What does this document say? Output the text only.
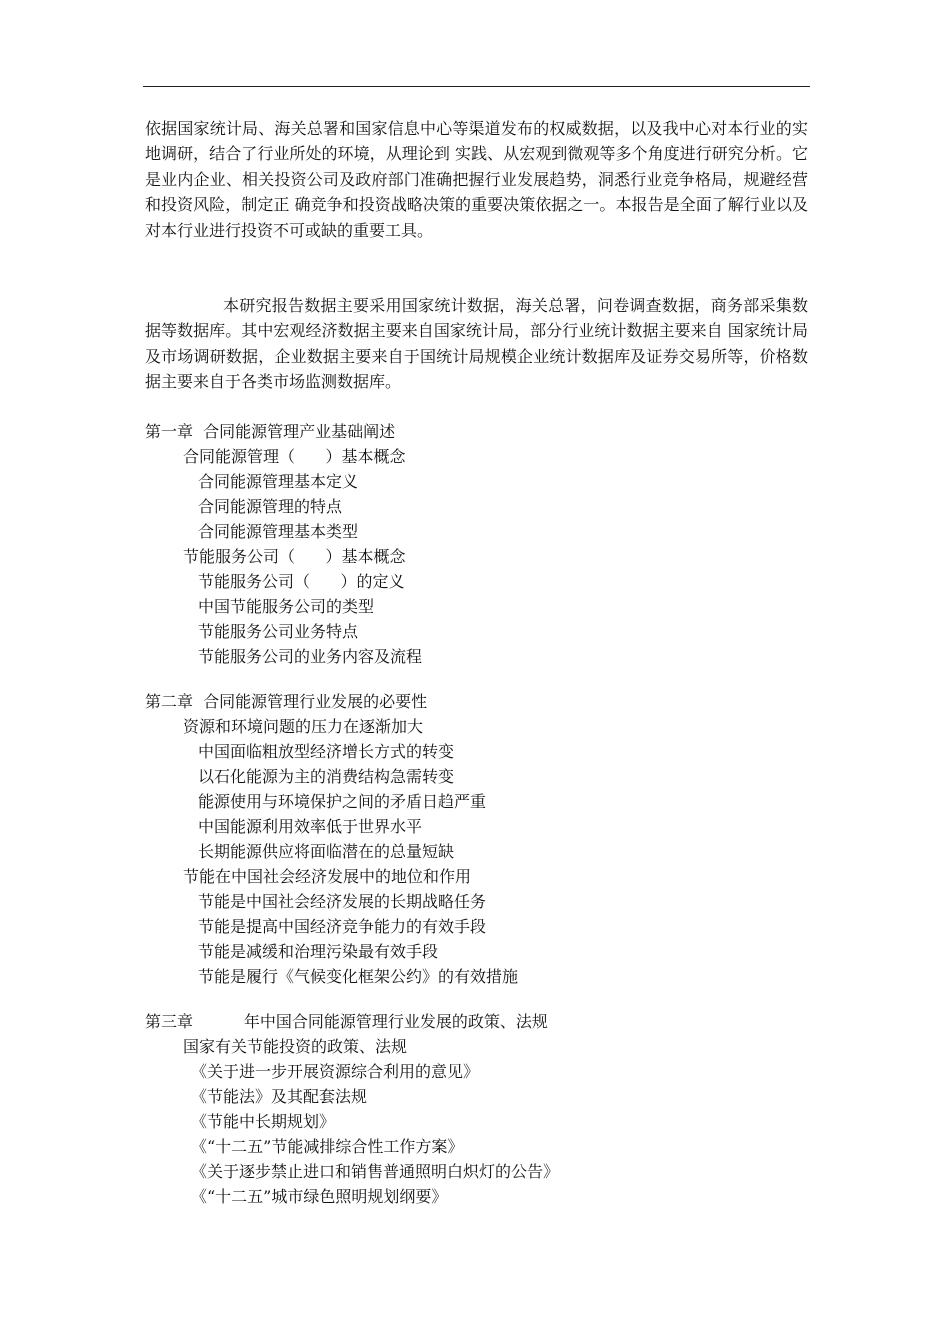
依据国家统计局、海关总署和国家信息中心等渠道发布的权威数据，以及我中心对本行业的实地调研，结合了行业所处的环境，从理论到 实践、从宏观到微观等多个角度进行研究分析。它是业内企业、相关投资公司及政府部门准确把握行业发展趋势，洞悉行业竞争格局，规避经营和投资风险，制定正 确竞争和投资战略决策的重要决策依据之一。本报告是全面了解行业以及对本行业进行投资不可或缺的重要工具。

本研究报告数据主要采用国家统计数据，海关总署，问卷调查数据，商务部采集数据等数据库。其中宏观经济数据主要来自国家统计局，部分行业统计数据主要来自 国家统计局及市场调研数据，企业数据主要来自于国统计局规模企业统计数据库及证券交易所等，价格数据主要来自于各类市场监测数据库。

第一章  合同能源管理产业基础阐述

合同能源管理（      ）基本概念

合同能源管理基本定义

合同能源管理的特点

合同能源管理基本类型

节能服务公司（      ）基本概念

节能服务公司（      ）的定义

中国节能服务公司的类型

节能服务公司业务特点

节能服务公司的业务内容及流程

第二章  合同能源管理行业发展的必要性

资源和环境问题的压力在逐渐加大

中国面临粗放型经济增长方式的转变

以石化能源为主的消费结构急需转变

能源使用与环境保护之间的矛盾日趋严重

中国能源利用效率低于世界水平

长期能源供应将面临潜在的总量短缺

节能在中国社会经济发展中的地位和作用

节能是中国社会经济发展的长期战略任务

节能是提高中国经济竞争能力的有效手段

节能是减缓和治理污染最有效手段

节能是履行《气候变化框架公约》的有效措施

第三章          年中国合同能源管理行业发展的政策、法规

国家有关节能投资的政策、法规

《关于进一步开展资源综合利用的意见》

《节能法》及其配套法规

《节能中长期规划》

《“十二五”节能减排综合性工作方案》

《关于逐步禁止进口和销售普通照明白炽灯的公告》

《“十二五”城市绿色照明规划纲要》
